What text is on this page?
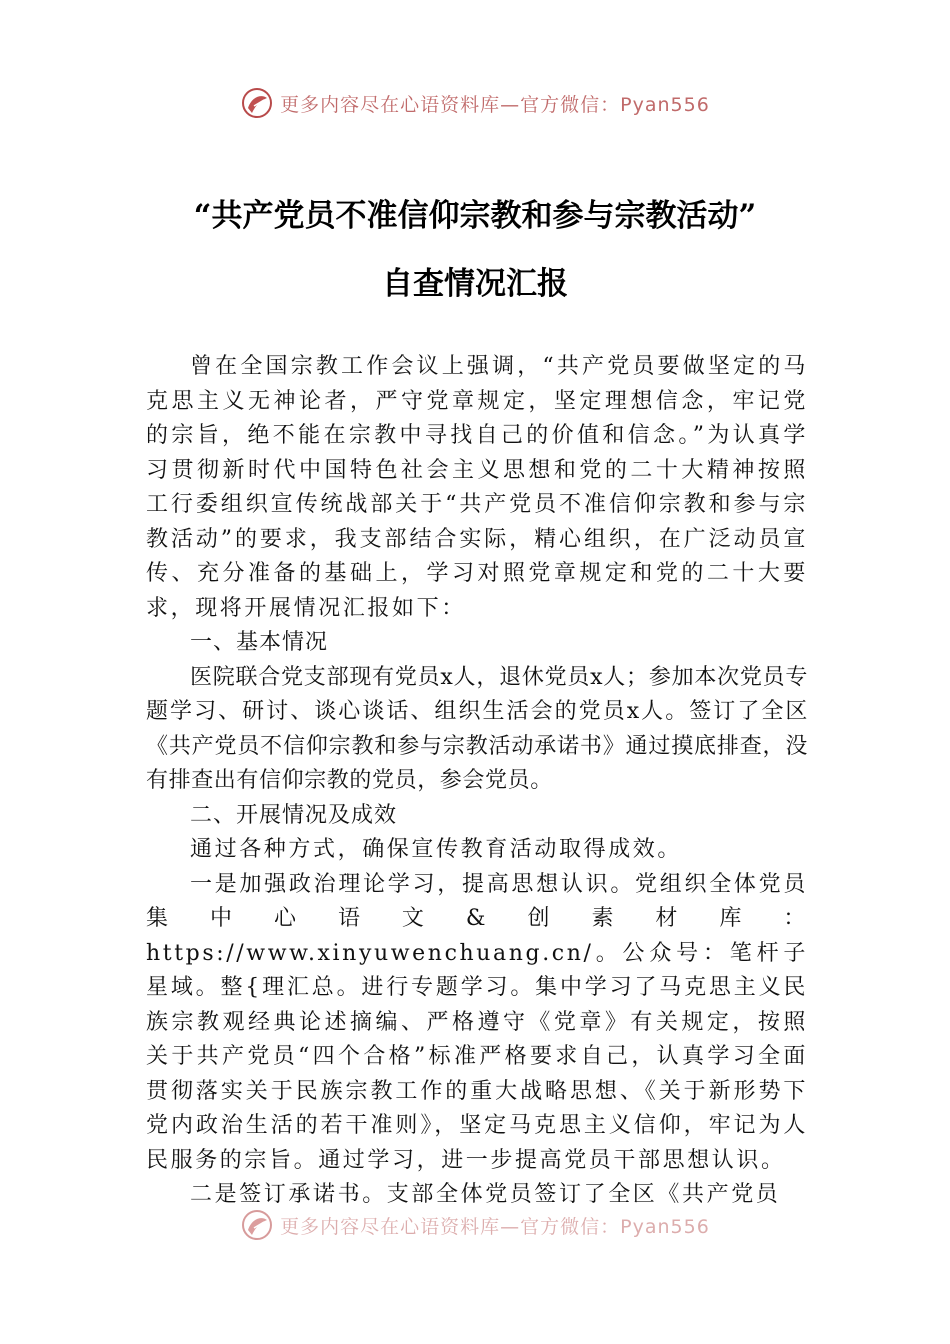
更多内容尽在心语资料库—官方微信：Pyan556
“共产党员不准信仰宗教和参与宗教活动”
自查情况汇报

曾在全国宗教工作会议上强调，“共产党员要做坚定的马克思主义无神论者，严守党章规定，坚定理想信念，牢记党的宗旨，绝不能在宗教中寻找自己的价值和信念。”为认真学习贯彻新时代中国特色社会主义思想和党的二十大精神按照工行委组织宣传统战部关于“共产党员不准信仰宗教和参与宗教活动”的要求，我支部结合实际，精心组织，在广泛动员宣传、充分准备的基础上，学习对照党章规定和党的二十大要求，现将开展情况汇报如下：

一、基本情况

医院联合党支部现有党员x人，退休党员x人；参加本次党员专题学习、研讨、谈心谈话、组织生活会的党员x人。签订了全区《共产党员不信仰宗教和参与宗教活动承诺书》通过摸底排查，没有排查出有信仰宗教的党员，参会党员。

二、开展情况及成效

通过各种方式，确保宣传教育活动取得成效。

一是加强政治理论学习，提高思想认识。党组织全体党员集中心语文&创素材库：https://www.xinyuwenchuang.cn/。公众号：笔杆子星域。整{理汇总。进行专题学习。集中学习了马克思主义民族宗教观经典论述摘编、严格遵守《党章》有关规定，按照关于共产党员“四个合格”标准严格要求自己，认真学习全面贯彻落实关于民族宗教工作的重大战略思想、《关于新形势下党内政治生活的若干准则》，坚定马克思主义信仰，牢记为人民服务的宗旨。通过学习，进一步提高党员干部思想认识。

二是签订承诺书。支部全体党员签订了全区《共产党员

更多内容尽在心语资料库—官方微信：Pyan556
